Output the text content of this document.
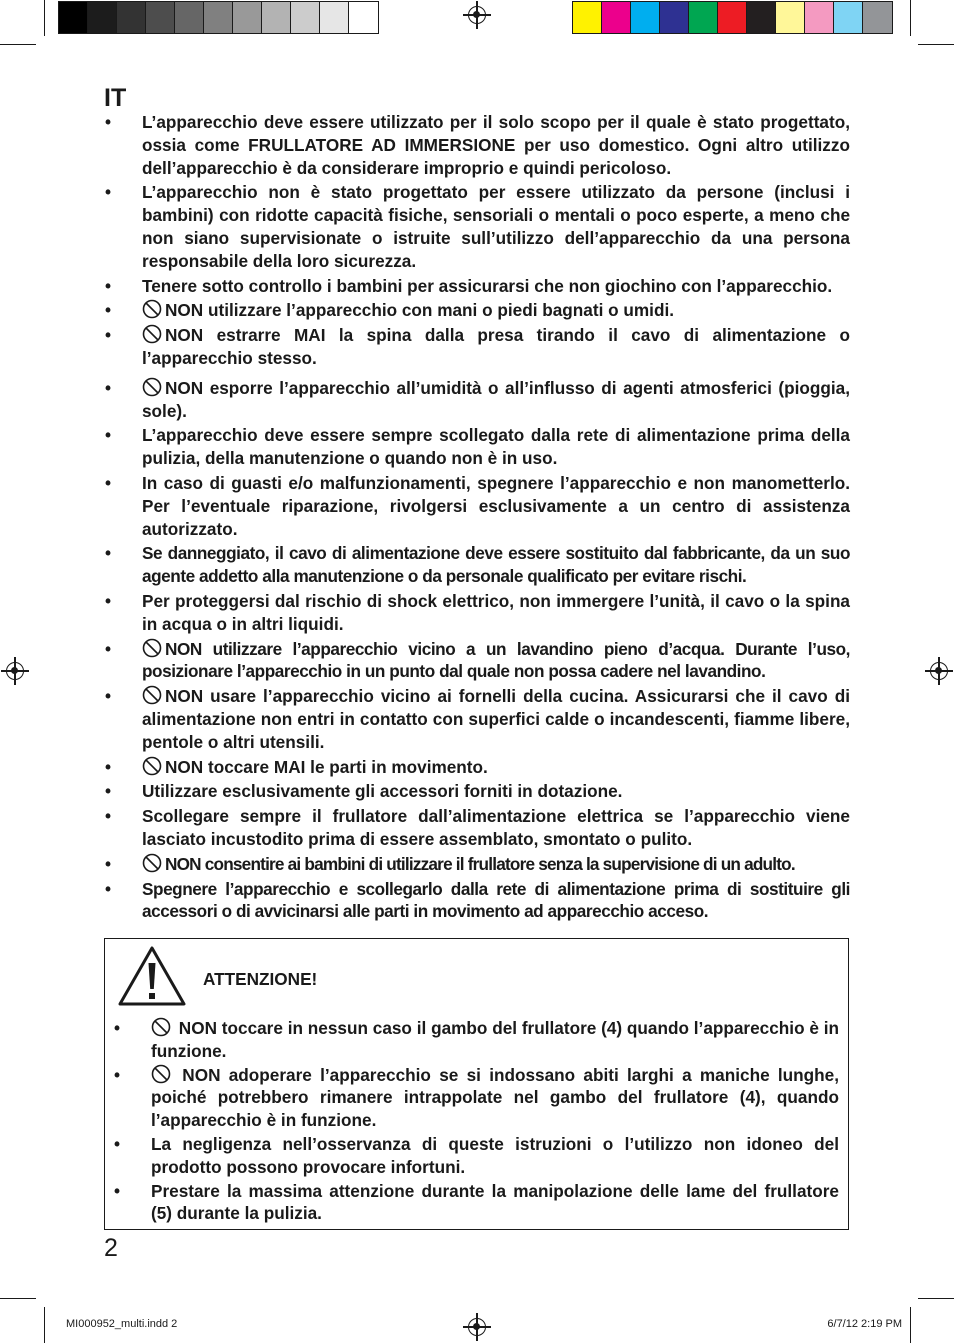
IT
• L’apparecchio deve essere utilizzato per il solo scopo per il quale è stato progettato, ossia come FRULLATORE AD IMMERSIONE per uso domestico. Ogni altro utilizzo dell’apparecchio è da considerare improprio e quindi pericoloso.
• L’apparecchio non è stato progettato per essere utilizzato da persone (inclusi i bambini) con ridotte capacità fisiche, sensoriali o mentali o poco esperte, a meno che non siano supervisionate o istruite sull’utilizzo dell’apparecchio da una persona responsabile della loro sicurezza.
• Tenere sotto controllo i bambini per assicurarsi che non giochino con l’apparecchio.
• NON utilizzare l’apparecchio con mani o piedi bagnati o umidi.
• NON estrarre MAI la spina dalla presa tirando il cavo di alimentazione o l’apparecchio stesso.
• NON esporre l’apparecchio all’umidità o all’influsso di agenti atmosferici (pioggia, sole).
• L’apparecchio deve essere sempre scollegato dalla rete di alimentazione prima della pulizia, della manutenzione o quando non è in uso.
• In caso di guasti e/o malfunzionamenti, spegnere l’apparecchio e non manometterlo. Per l’eventuale riparazione, rivolgersi esclusivamente a un centro di assistenza autorizzato.
• Se danneggiato, il cavo di alimentazione deve essere sostituito dal fabbricante, da un suo agente addetto alla manutenzione o da personale qualificato per evitare rischi.
• Per proteggersi dal rischio di shock elettrico, non immergere l’unità, il cavo o la spina in acqua o in altri liquidi.
• NON utilizzare l’apparecchio vicino a un lavandino pieno d’acqua. Durante l’uso, posizionare l’apparecchio in un punto dal quale non possa cadere nel lavandino.
• NON usare l’apparecchio vicino ai fornelli della cucina. Assicurarsi che il cavo di alimentazione non entri in contatto con superfici calde o incandescenti, fiamme libere, pentole o altri utensili.
• NON toccare MAI le parti in movimento.
• Utilizzare esclusivamente gli accessori forniti in dotazione.
• Scollegare sempre il frullatore dall’alimentazione elettrica se l’apparecchio viene lasciato incustodito prima di essere assemblato, smontato o pulito.
• NON consentire ai bambini di utilizzare il frullatore senza la supervisione di un adulto.
• Spegnere l’apparecchio e scollegarlo dalla rete di alimentazione prima di sostituire gli accessori o di avvicinarsi alle parti in movimento ad apparecchio acceso.
ATTENZIONE!
• NON toccare in nessun caso il gambo del frullatore (4) quando l’apparecchio è in funzione.
• NON adoperare l’apparecchio se si indossano abiti larghi a maniche lunghe, poiché potrebbero rimanere intrappolate nel gambo del frullatore (4), quando l’apparecchio è in funzione.
• La negligenza nell’osservanza di queste istruzioni o l’utilizzo non idoneo del prodotto possono provocare infortuni.
• Prestare la massima attenzione durante la manipolazione delle lame del frullatore (5) durante la pulizia.
2
MI000952_multi.indd 2	6/7/12 2:19 PM
